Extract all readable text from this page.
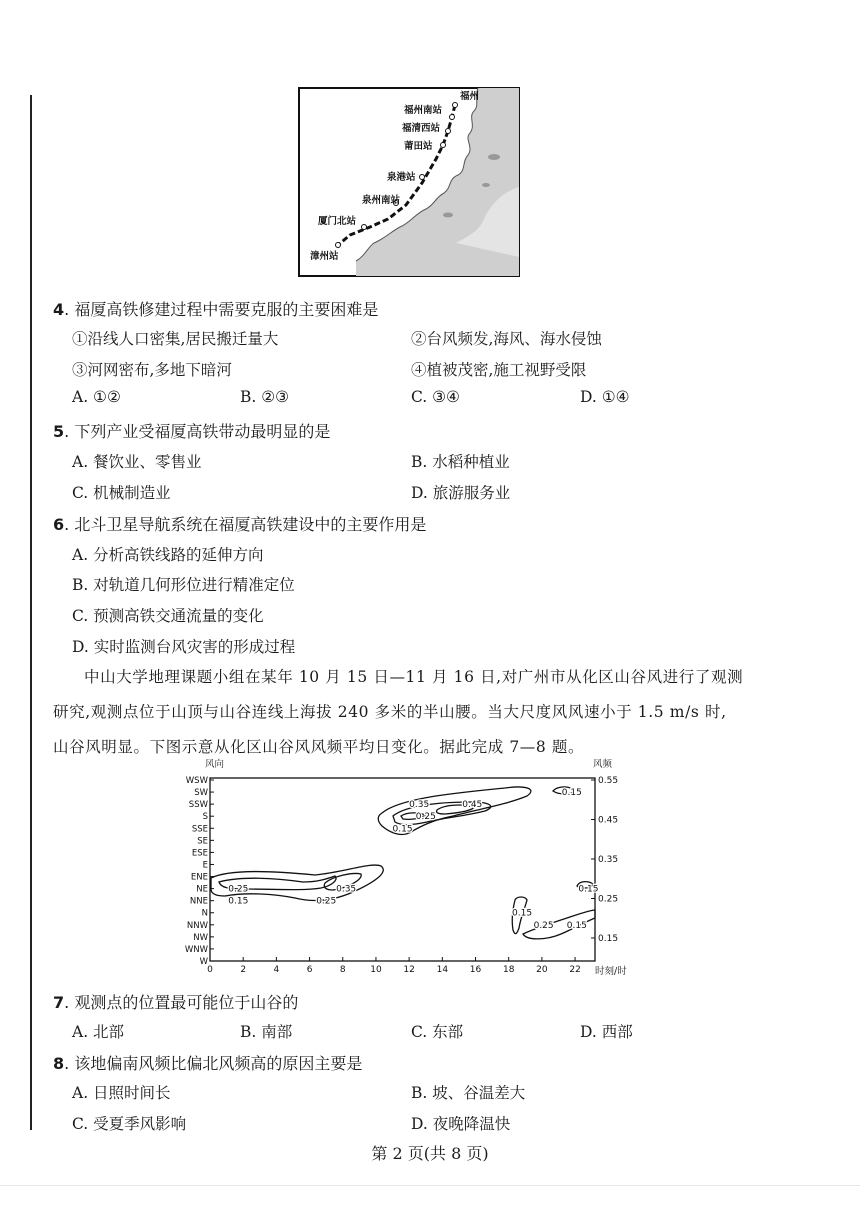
福州
福州南站
福清西站
莆田站
泉港站
泉州南站
厦门北站
漳州站
4. 福厦高铁修建过程中需要克服的主要困难是
①沿线人口密集,居民搬迁量大	②台风频发,海风、海水侵蚀
③河网密布,多地下暗河	④植被茂密,施工视野受限
A. ①②	B. ②③	C. ③④	D. ①④
5. 下列产业受福厦高铁带动最明显的是
A. 餐饮业、零售业	B. 水稻种植业
C. 机械制造业	D. 旅游服务业
6. 北斗卫星导航系统在福厦高铁建设中的主要作用是
A. 分析高铁线路的延伸方向
B. 对轨道几何形位进行精准定位
C. 预测高铁交通流量的变化
D. 实时监测台风灾害的形成过程
中山大学地理课题小组在某年 10 月 15 日—11 月 16 日,对广州市从化区山谷风进行了观测
研究,观测点位于山顶与山谷连线上海拔 240 多米的半山腰。当大尺度风风速小于 1.5 m/s 时,
山谷风明显。下图示意从化区山谷风风频平均日变化。据此完成 7—8 题。
风向	风频
时刻/时
WSW
SW
SSW
S
SSE
SE
ESE
E
ENE
NE
NNE
N
NNW
NW
WNW
W
0	2	4	6	8	10 12 14 16 18 20 22
0.55
0.45
0.35
0.25
0.15
0.15
0.35	0.45
0.15
0.25
0.25
0.15
0.35
0.25
0.15
0.15
0.25 0.15
7. 观测点的位置最可能位于山谷的
A. 北部	B. 南部	C. 东部	D. 西部
8. 该地偏南风频比偏北风频高的原因主要是
A. 日照时间长	B. 坡、谷温差大
C. 受夏季风影响	D. 夜晚降温快
第 2 页(共 8 页)
